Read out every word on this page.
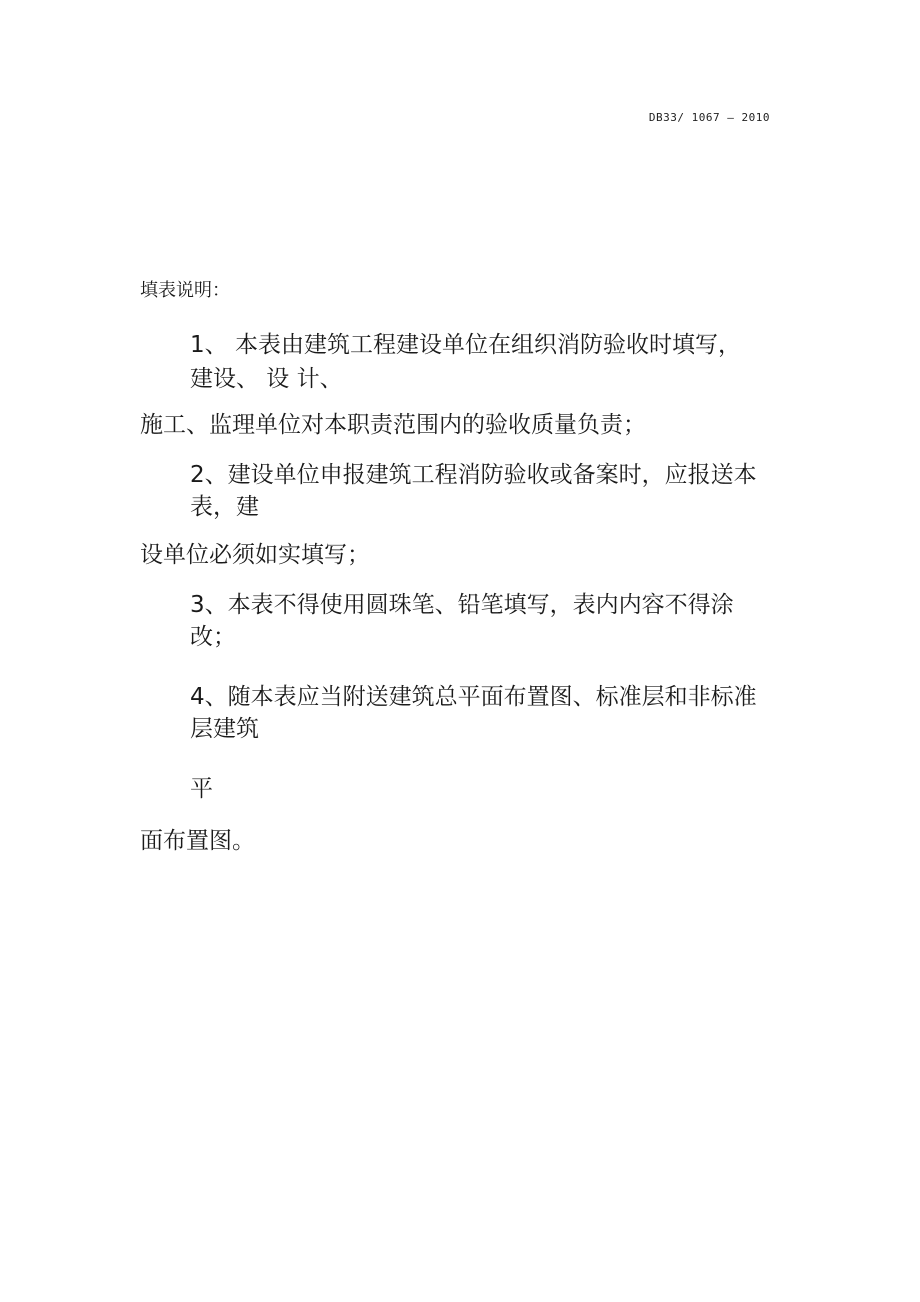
DB33/ 1067 — 2010
填表说明：
1、 本表由建筑工程建设单位在组织消防验收时填写，
建设、 设 计、
施工、监理单位对本职责范围内的验收质量负责；
2、建设单位申报建筑工程消防验收或备案时，应报送本
表，建
设单位必须如实填写；
3、本表不得使用圆珠笔、铅笔填写，表内内容不得涂
改；
4、随本表应当附送建筑总平面布置图、标准层和非标准
层建筑
平
面布置图。
